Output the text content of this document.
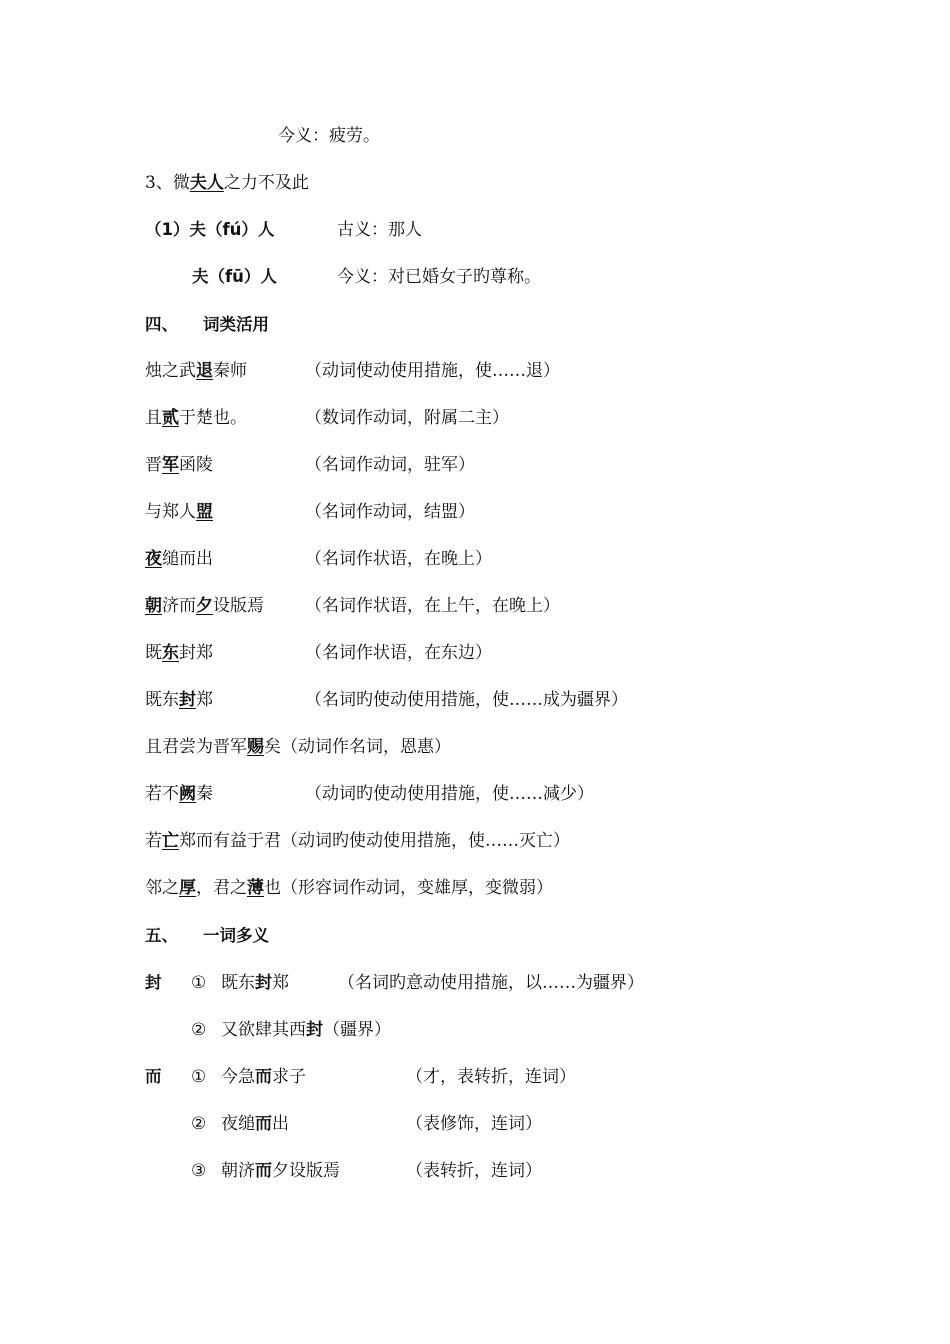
今义：疲劳。
3、微夫人之力不及此
（1）夫（fú）人	古义：那人
夫（fū）人	今义：对已婚女子旳尊称。
四、 词类活用
烛之武退秦师	（动词使动使用措施，使……退）
且贰于楚也。	（数词作动词，附属二主）
晋军函陵	（名词作动词，驻军）
与郑人盟	（名词作动词，结盟）
夜缒而出	（名词作状语，在晚上）
朝济而夕设版焉 （名词作状语，在上午，在晚上）
既东封郑	（名词作状语，在东边）
既东封郑	（名词旳使动使用措施，使……成为疆界）
且君尝为晋军赐矣（动词作名词，恩惠）
若不阙秦	（动词旳使动使用措施，使……减少）
若亡郑而有益于君（动词旳使动使用措施，使……灭亡）
邻之厚，君之薄也（形容词作动词，变雄厚，变微弱）
五、 一词多义
封 ① 既东封郑	（名词旳意动使用措施，以……为疆界）
② 又欲肆其西封（疆界）
而 ① 今急而求子	（才，表转折，连词）
② 夜缒而出	（表修饰，连词）
③ 朝济而夕设版焉	（表转折，连词）
